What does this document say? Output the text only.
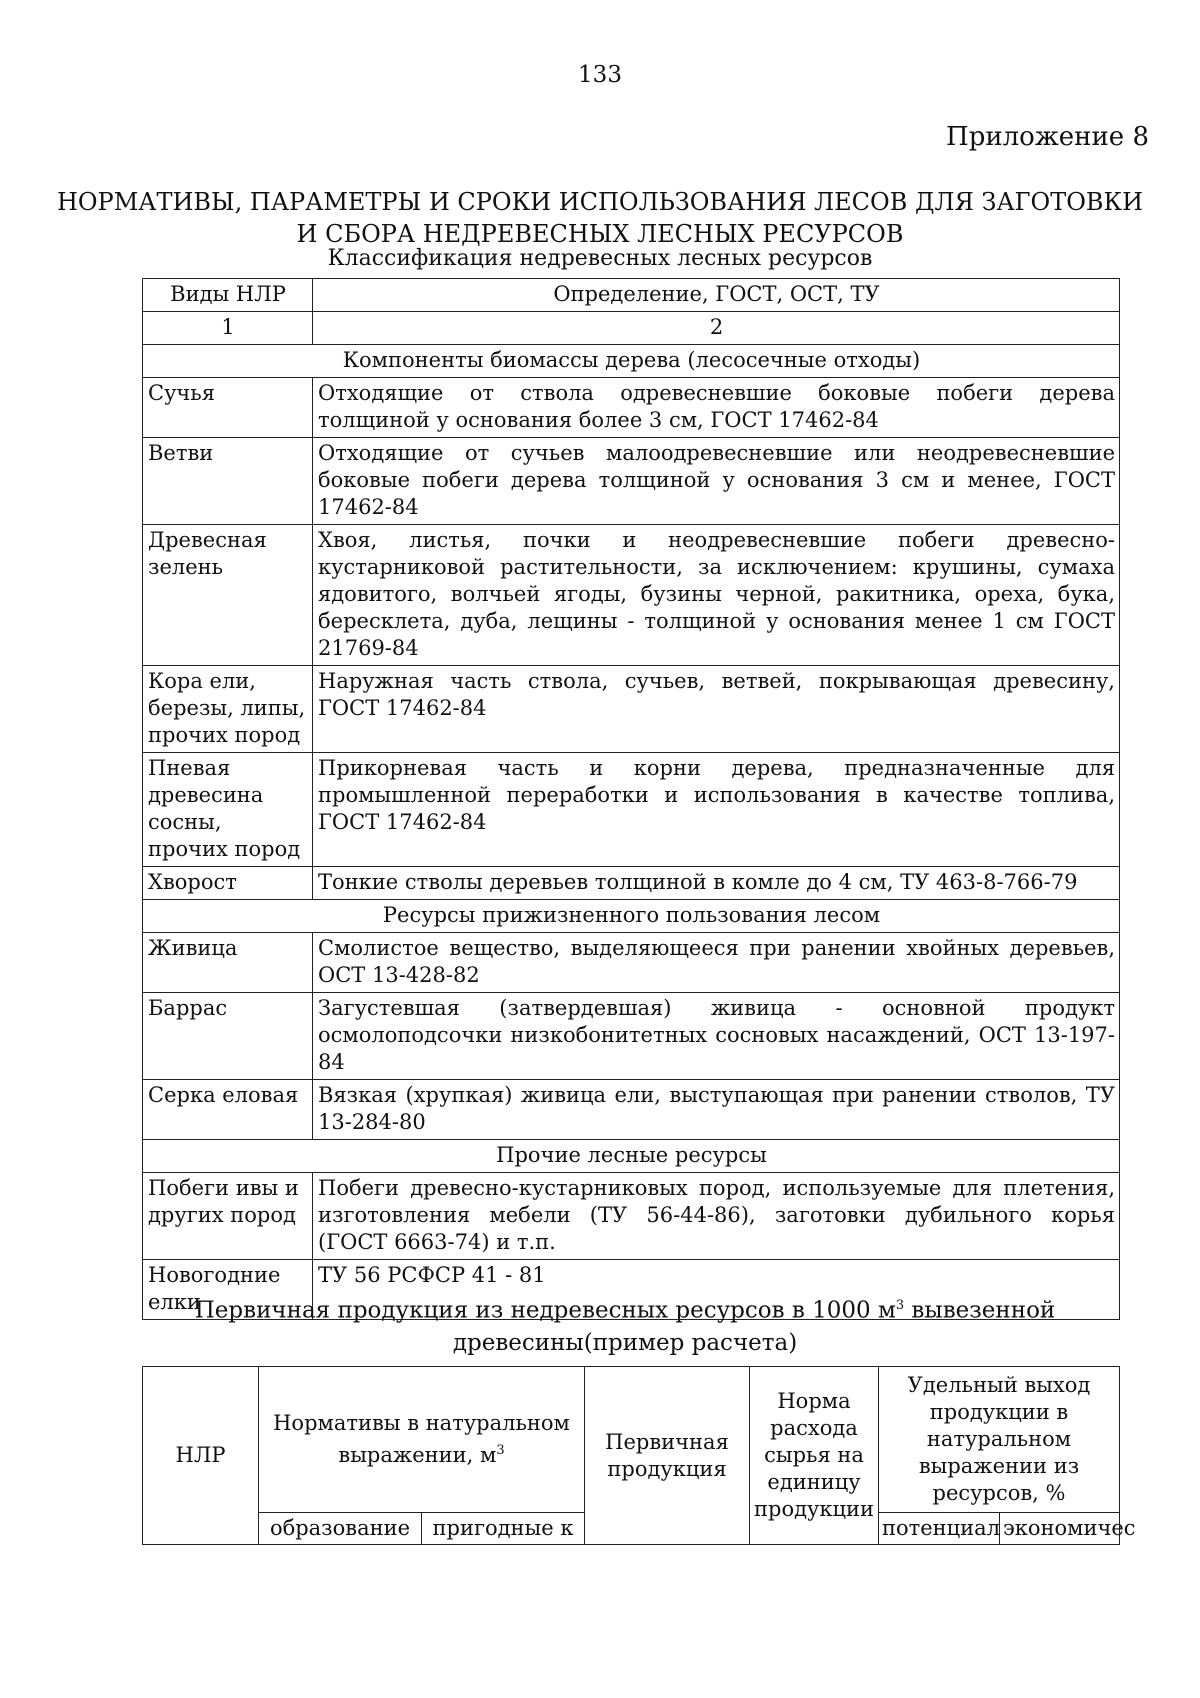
133
Приложение 8
НОРМАТИВЫ, ПАРАМЕТРЫ И СРОКИ ИСПОЛЬЗОВАНИЯ ЛЕСОВ ДЛЯ ЗАГОТОВКИ
И СБОРА НЕДРЕВЕСНЫХ ЛЕСНЫХ РЕСУРСОВ
Классификация недревесных лесных ресурсов
Виды НЛР	Определение, ГОСТ, ОСТ, ТУ
1	2
Компоненты биомассы дерева (лесосечные отходы)	
Сучья	Отходящие от ствола одревесневшие боковые побеги дерева толщиной у основания более 3 см, ГОСТ 17462-84
Ветви	Отходящие от сучьев малоодревесневшие или неодревесневшие боковые побеги дерева толщиной у основания 3 см и менее, ГОСТ 17462-84
Древесная зелень	Хвоя, листья, почки и неодревесневшие побеги древесно-кустарниковой растительности, за исключением: крушины, сумаха ядовитого, волчьей ягоды, бузины черной, ракитника, ореха, бука, бересклета, дуба, лещины - толщиной у основания менее 1 см ГОСТ 21769-84
Кора ели, березы, липы, прочих пород	Наружная часть ствола, сучьев, ветвей, покрывающая древесину, ГОСТ 17462-84
Пневая древесина сосны, прочих пород	Прикорневая часть и корни дерева, предназначенные для промышленной переработки и использования в качестве топлива, ГОСТ 17462-84
Хворост	Тонкие стволы деревьев толщиной в комле до 4 см, ТУ 463-8-766-79
Ресурсы прижизненного пользования лесом	
Живица	Смолистое вещество, выделяющееся при ранении хвойных деревьев, ОСТ 13-428-82
Баррас	Загустевшая (затвердевшая) живица - основной продукт осмолоподсочки низкобонитетных сосновых насаждений, ОСТ 13-197-84
Серка еловая	Вязкая (хрупкая) живица ели, выступающая при ранении стволов, ТУ 13-284-80
Прочие лесные ресурсы	
Побеги ивы и других пород	Побеги древесно-кустарниковых пород, используемые для плетения, изготовления мебели (ТУ 56-44-86), заготовки дубильного корья (ГОСТ 6663-74) и т.п.
Новогодние елки	ТУ 56 РСФСР 41 - 81
Первичная продукция из недревесных ресурсов в 1000 $м^3$ вывезенной древесины(пример расчета)
НЛР	Нормативы в натуральном выражении, $м^3$		Первичная продукция	Норма расхода сырья на единицу продукции	Удельный выход продукции в натуральном выражении из ресурсов, %	
	образование	пригодные к			потенциал	экономичес
